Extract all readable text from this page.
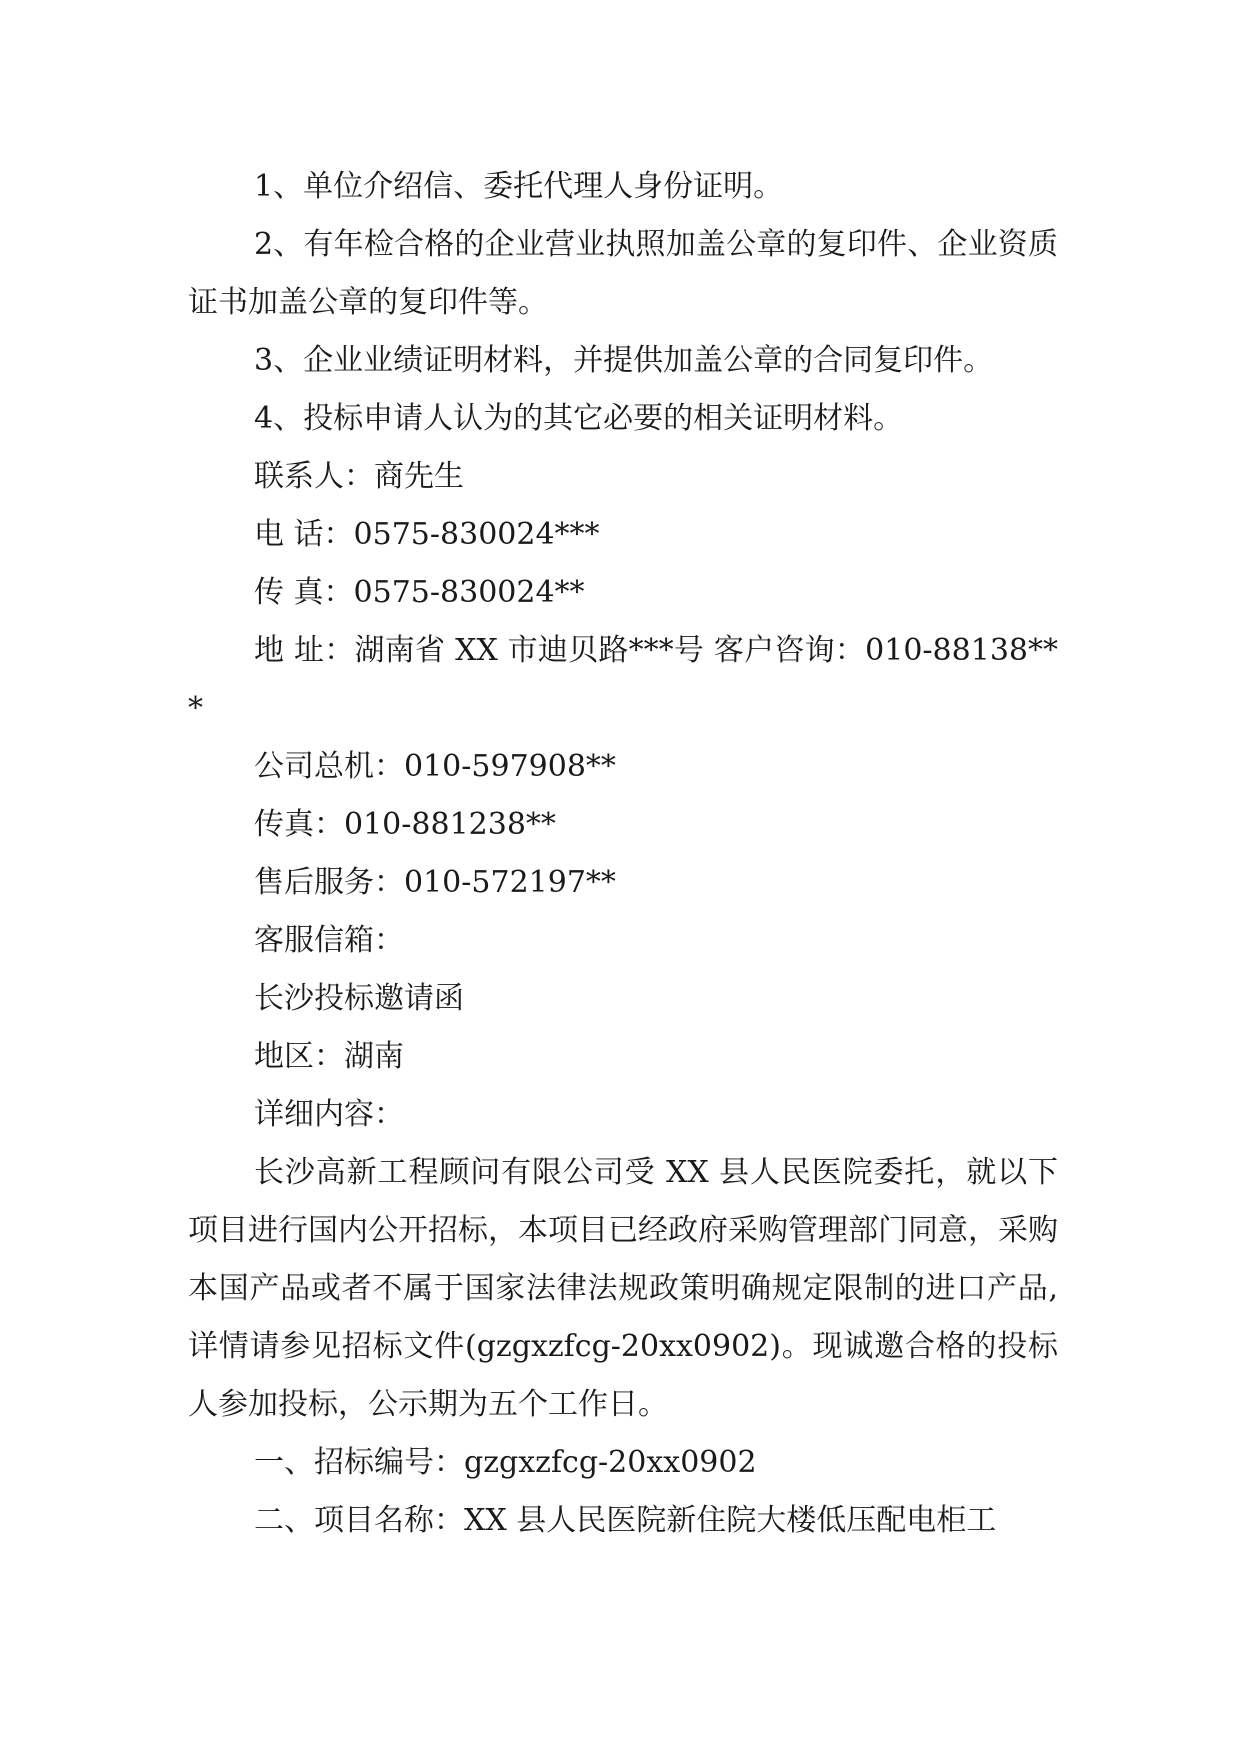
1、单位介绍信、委托代理人身份证明。

2、有年检合格的企业营业执照加盖公章的复印件、企业资质证书加盖公章的复印件等。

3、企业业绩证明材料，并提供加盖公章的合同复印件。

4、投标申请人认为的其它必要的相关证明材料。

联系人：商先生

电 话：0575-830024***

传 真：0575-830024**

地 址：湖南省 XX 市迪贝路***号 客户咨询：010-88138***

公司总机：010-597908**

传真：010-881238**

售后服务：010-572197**

客服信箱：

长沙投标邀请函

地区：湖南

详细内容：

长沙高新工程顾问有限公司受 XX 县人民医院委托，就以下项目进行国内公开招标，本项目已经政府采购管理部门同意，采购本国产品或者不属于国家法律法规政策明确规定限制的进口产品,详情请参见招标文件(gzgxzfcg-20xx0902)。现诚邀合格的投标人参加投标，公示期为五个工作日。

一、招标编号：gzgxzfcg-20xx0902

二、项目名称：XX 县人民医院新住院大楼低压配电柜工
